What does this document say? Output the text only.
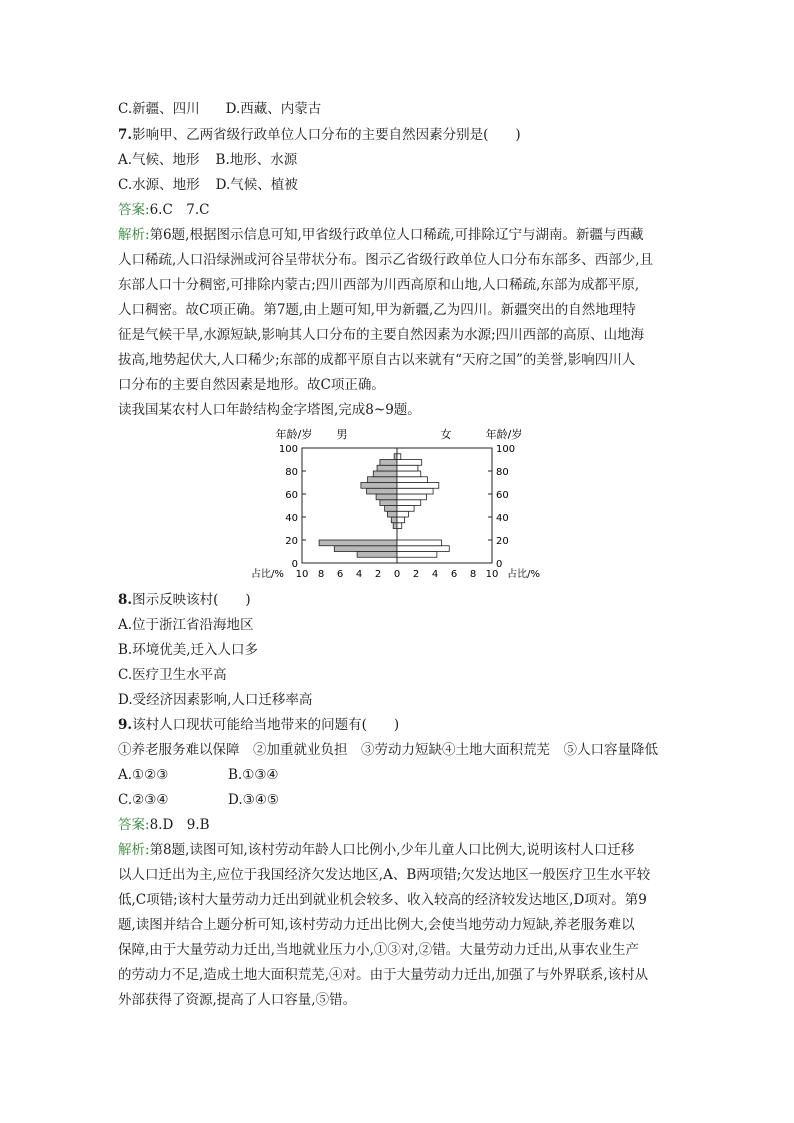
C.新疆、四川 D.西藏、内蒙古
7.影响甲、乙两省级行政单位人口分布的主要自然因素分别是(　　)
A.气候、地形 B.地形、水源
C.水源、地形 D.气候、植被
答案:6.C　7.C
解析:第6题,根据图示信息可知,甲省级行政单位人口稀疏,可排除辽宁与湖南。新疆与西藏
人口稀疏,人口沿绿洲或河谷呈带状分布。图示乙省级行政单位人口分布东部多、西部少,且
东部人口十分稠密,可排除内蒙古;四川西部为川西高原和山地,人口稀疏,东部为成都平原,
人口稠密。故C项正确。第7题,由上题可知,甲为新疆,乙为四川。新疆突出的自然地理特
征是气候干旱,水源短缺,影响其人口分布的主要自然因素为水源;四川西部的高原、山地海
拔高,地势起伏大,人口稀少;东部的成都平原自古以来就有“天府之国”的美誉,影响四川人
口分布的主要自然因素是地形。故C项正确。
读我国某农村人口年龄结构金字塔图,完成8~9题。
年龄/岁 男	女	年龄/岁
0	0
20	20
40	40
60	60
80	80
100	100
10 8 6 4 2 0 2 4 6 8 10
占比/%	占比/%
8.图示反映该村(　　)
A.位于浙江省沿海地区
B.环境优美,迁入人口多
C.医疗卫生水平高
D.受经济因素影响,人口迁移率高
9.该村人口现状可能给当地带来的问题有(　　)
①养老服务难以保障　②加重就业负担　③劳动力短缺④土地大面积荒芜　⑤人口容量降低
A.①②③	B.①③④
C.②③④	D.③④⑤
答案:8.D　9.B
解析:第8题,读图可知,该村劳动年龄人口比例小,少年儿童人口比例大,说明该村人口迁移
以人口迁出为主,应位于我国经济欠发达地区,A、B两项错;欠发达地区一般医疗卫生水平较
低,C项错;该村大量劳动力迁出到就业机会较多、收入较高的经济较发达地区,D项对。第9
题,读图并结合上题分析可知,该村劳动力迁出比例大,会使当地劳动力短缺,养老服务难以
保障,由于大量劳动力迁出,当地就业压力小,①③对,②错。大量劳动力迁出,从事农业生产
的劳动力不足,造成土地大面积荒芜,④对。由于大量劳动力迁出,加强了与外界联系,该村从
外部获得了资源,提高了人口容量,⑤错。
